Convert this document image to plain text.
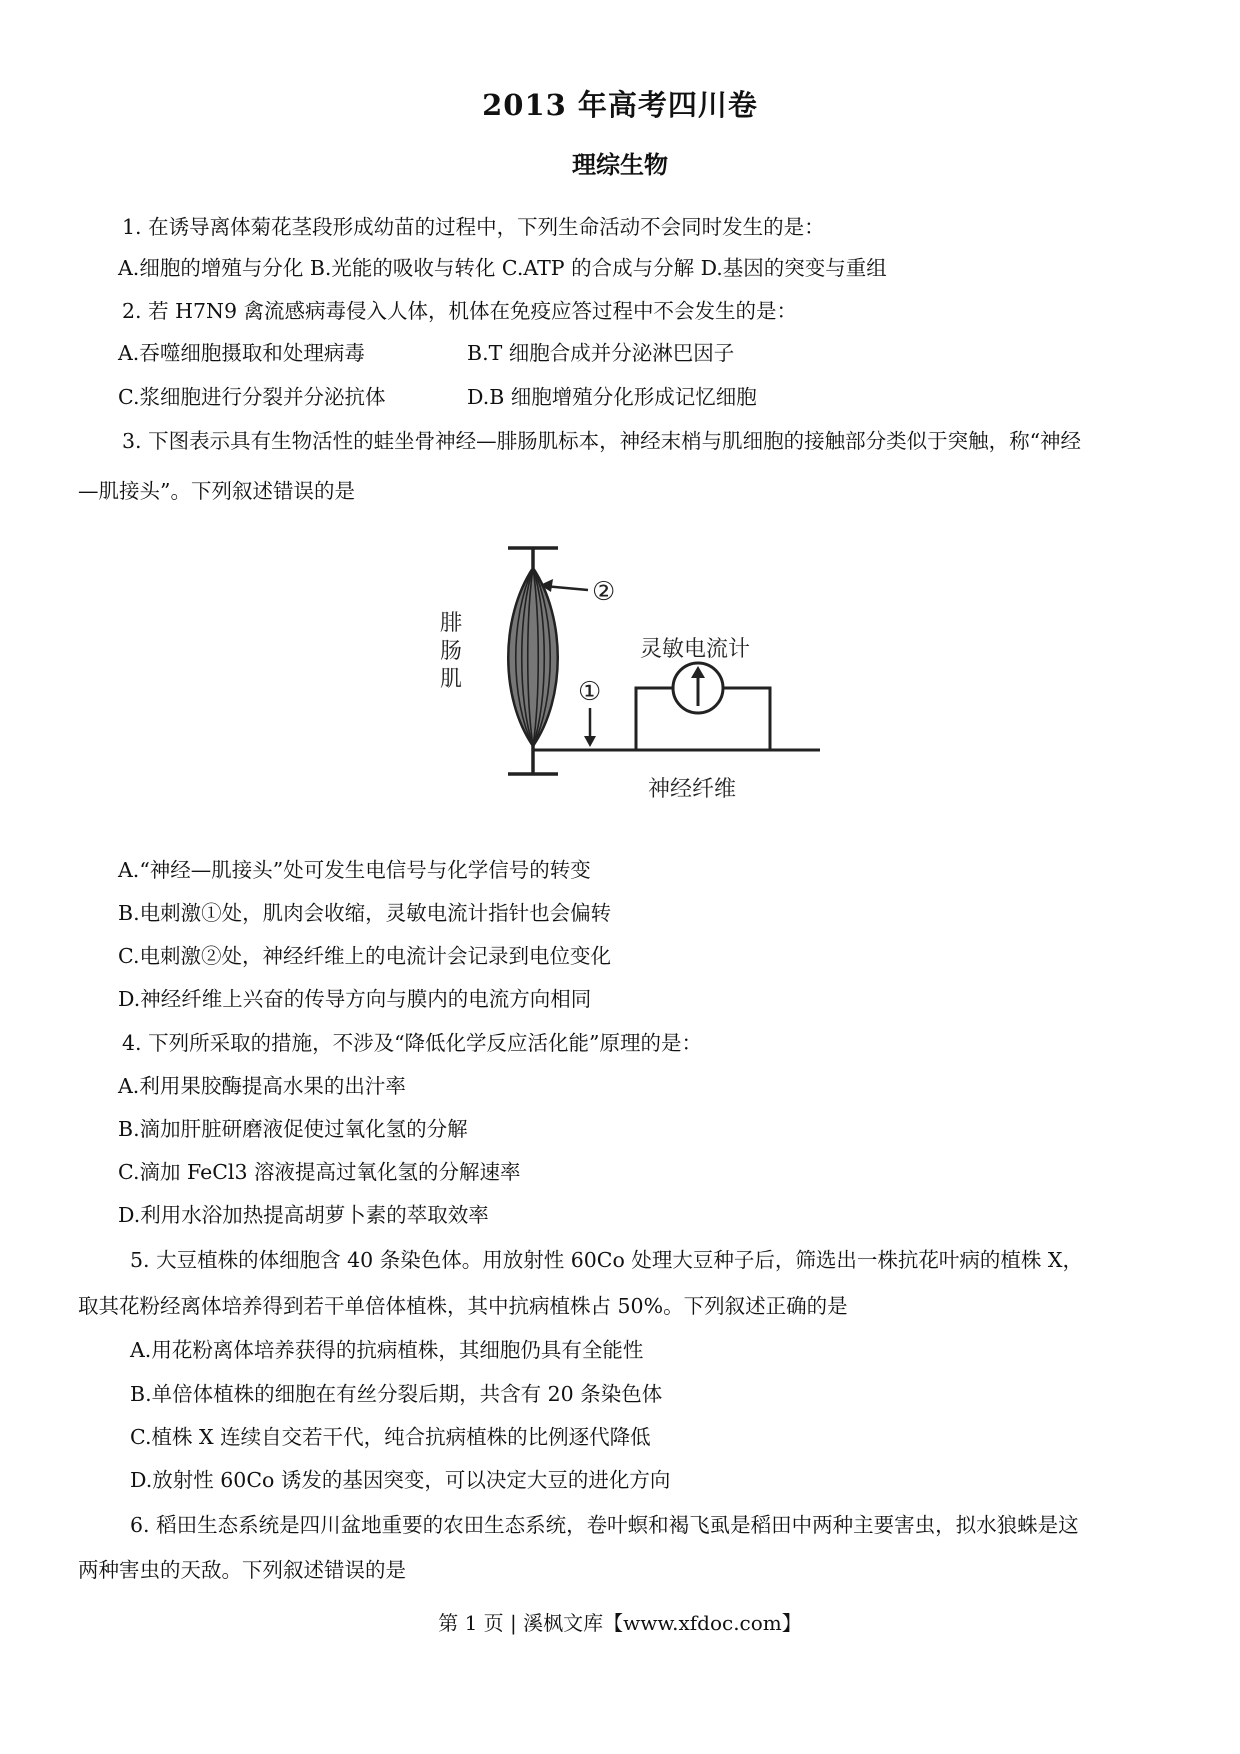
2013 年高考四川卷
理综生物
1. 在诱导离体菊花茎段形成幼苗的过程中，下列生命活动不会同时发生的是：
A.细胞的增殖与分化 B.光能的吸收与转化 C.ATP 的合成与分解 D.基因的突变与重组
2. 若 H7N9 禽流感病毒侵入人体，机体在免疫应答过程中不会发生的是：
A.吞噬细胞摄取和处理病毒	B.T 细胞合成并分泌淋巴因子
C.浆细胞进行分裂并分泌抗体	D.B 细胞增殖分化形成记忆细胞
3. 下图表示具有生物活性的蛙坐骨神经—腓肠肌标本，神经末梢与肌细胞的接触部分类似于突触，称“神经
—肌接头”。下列叙述错误的是
②
①
腓
肠
肌
灵敏电流计
神经纤维
A.“神经—肌接头”处可发生电信号与化学信号的转变
B.电刺激①处，肌肉会收缩，灵敏电流计指针也会偏转
C.电刺激②处，神经纤维上的电流计会记录到电位变化
D.神经纤维上兴奋的传导方向与膜内的电流方向相同
4. 下列所采取的措施，不涉及“降低化学反应活化能”原理的是：
A.利用果胶酶提高水果的出汁率
B.滴加肝脏研磨液促使过氧化氢的分解
C.滴加 FeCl3 溶液提高过氧化氢的分解速率
D.利用水浴加热提高胡萝卜素的萃取效率
5. 大豆植株的体细胞含 40 条染色体。用放射性 60Co 处理大豆种子后，筛选出一株抗花叶病的植株 X，
取其花粉经离体培养得到若干单倍体植株，其中抗病植株占 50%。下列叙述正确的是
A.用花粉离体培养获得的抗病植株，其细胞仍具有全能性
B.单倍体植株的细胞在有丝分裂后期，共含有 20 条染色体
C.植株 X 连续自交若干代，纯合抗病植株的比例逐代降低
D.放射性 60Co 诱发的基因突变，可以决定大豆的进化方向
6. 稻田生态系统是四川盆地重要的农田生态系统，卷叶螟和褐飞虱是稻田中两种主要害虫，拟水狼蛛是这
两种害虫的天敌。下列叙述错误的是
第 1 页 | 溪枫文库【www.xfdoc.com】
